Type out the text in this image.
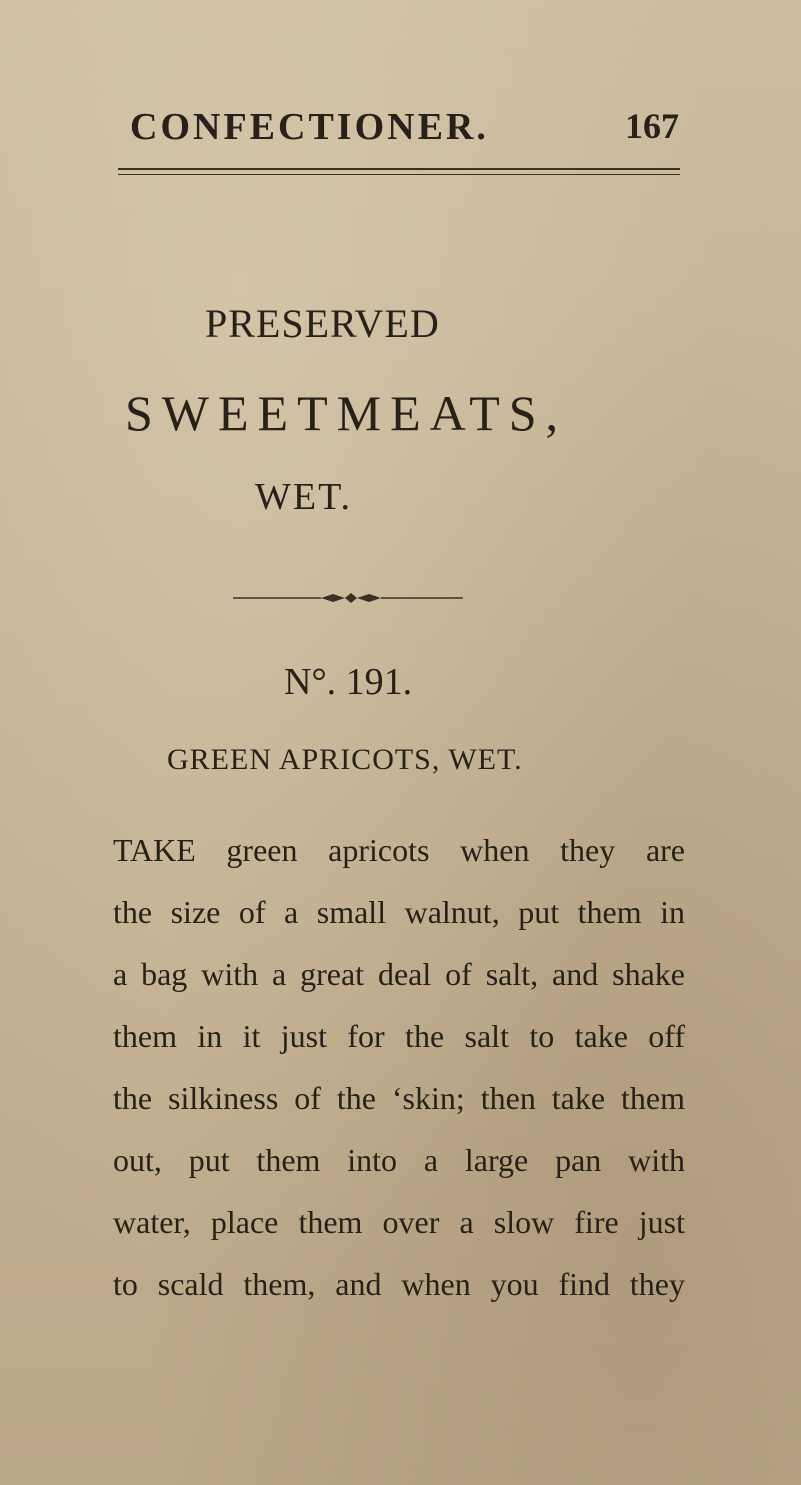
CONFECTIONER.	167
PRESERVED
SWEETMEATS,
WET.
N°. 191.
GREEN APRICOTS, WET.
TAKE green apricots when they are
the size of a small walnut, put them in
a bag with a great deal of salt, and shake
them in it just for the salt to take off
the silkiness of the ‘skin; then take them
out, put them into a large pan with
water, place them over a slow fire just
to scald them, and when you find they
